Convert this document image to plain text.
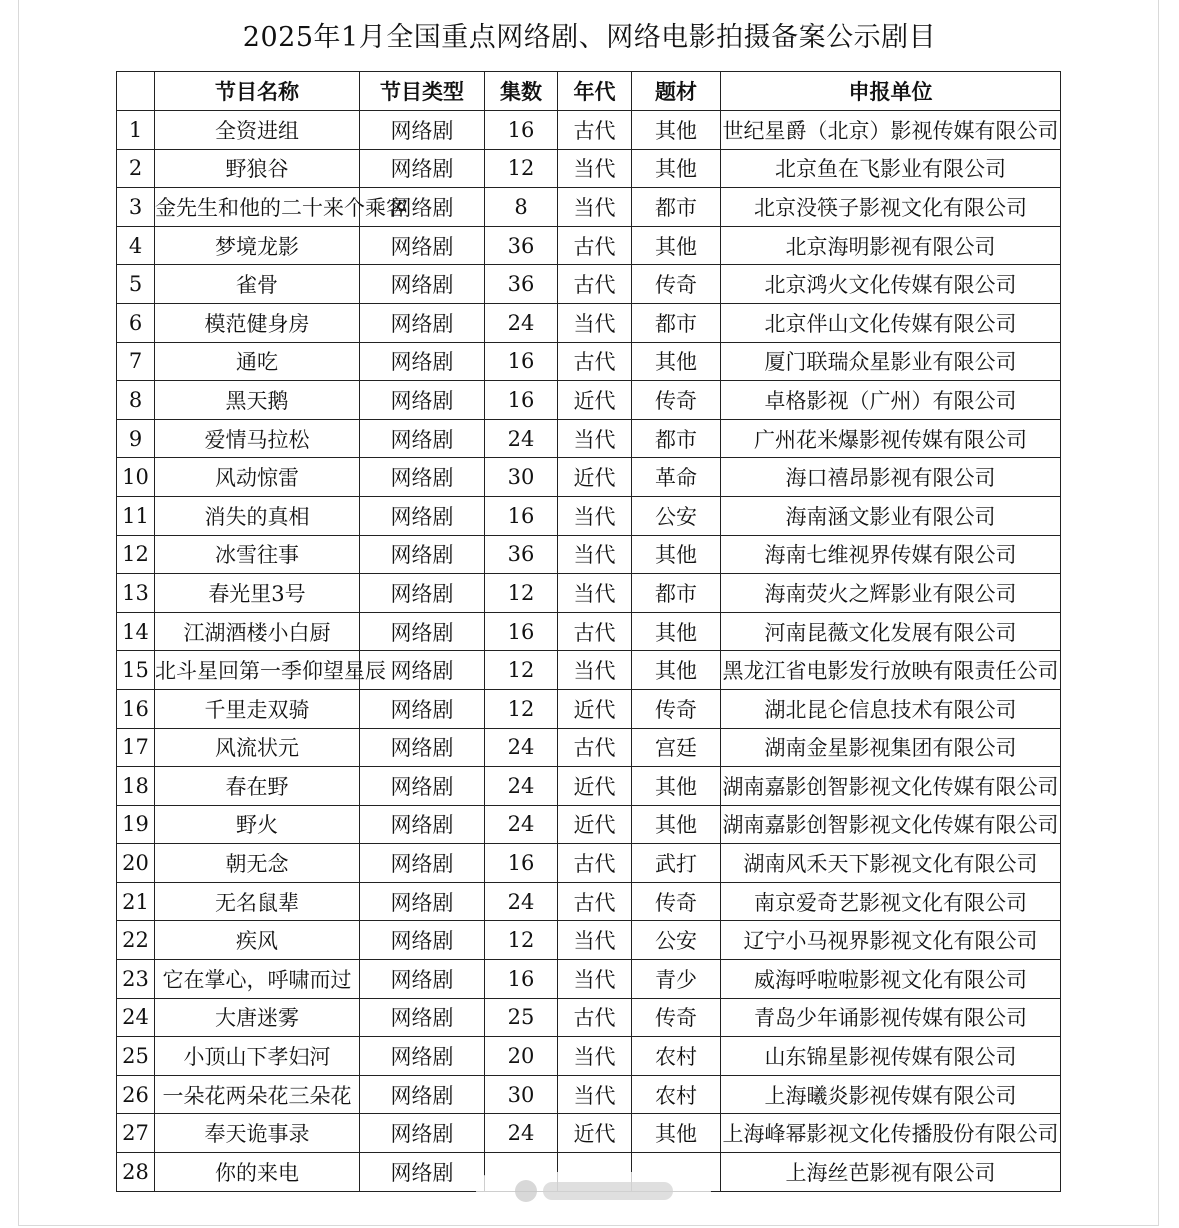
2025年1月全国重点网络剧、网络电影拍摄备案公示剧目
	节目名称	节目类型	集数	年代	题材	申报单位
1	全资进组	网络剧	16	古代	其他	世纪星爵（北京）影视传媒有限公司
2	野狼谷	网络剧	12	当代	其他	北京鱼在飞影业有限公司
3	金先生和他的二十来个乘客	网络剧	8	当代	都市	北京没筷子影视文化有限公司
4	梦境龙影	网络剧	36	古代	其他	北京海明影视有限公司
5	雀骨	网络剧	36	古代	传奇	北京鸿火文化传媒有限公司
6	模范健身房	网络剧	24	当代	都市	北京伴山文化传媒有限公司
7	通吃	网络剧	16	古代	其他	厦门联瑞众星影业有限公司
8	黑天鹅	网络剧	16	近代	传奇	卓格影视（广州）有限公司
9	爱情马拉松	网络剧	24	当代	都市	广州花米爆影视传媒有限公司
10	风动惊雷	网络剧	30	近代	革命	海口禧昂影视有限公司
11	消失的真相	网络剧	16	当代	公安	海南涵文影业有限公司
12	冰雪往事	网络剧	36	当代	其他	海南七维视界传媒有限公司
13	春光里3号	网络剧	12	当代	都市	海南荧火之辉影业有限公司
14	江湖酒楼小白厨	网络剧	16	古代	其他	河南昆薇文化发展有限公司
15	北斗星回第一季仰望星辰	网络剧	12	当代	其他	黑龙江省电影发行放映有限责任公司
16	千里走双骑	网络剧	12	近代	传奇	湖北昆仑信息技术有限公司
17	风流状元	网络剧	24	古代	宫廷	湖南金星影视集团有限公司
18	春在野	网络剧	24	近代	其他	湖南嘉影创智影视文化传媒有限公司
19	野火	网络剧	24	近代	其他	湖南嘉影创智影视文化传媒有限公司
20	朝无念	网络剧	16	古代	武打	湖南风禾天下影视文化有限公司
21	无名鼠辈	网络剧	24	古代	传奇	南京爱奇艺影视文化有限公司
22	疾风	网络剧	12	当代	公安	辽宁小马视界影视文化有限公司
23	它在掌心，呼啸而过	网络剧	16	当代	青少	威海呼啦啦影视文化有限公司
24	大唐迷雾	网络剧	25	古代	传奇	青岛少年诵影视传媒有限公司
25	小顶山下孝妇河	网络剧	20	当代	农村	山东锦星影视传媒有限公司
26	一朵花两朵花三朵花	网络剧	30	当代	农村	上海曦炎影视传媒有限公司
27	奉天诡事录	网络剧	24	近代	其他	上海峰幂影视文化传播股份有限公司
28	你的来电	网络剧				上海丝芭影视有限公司
